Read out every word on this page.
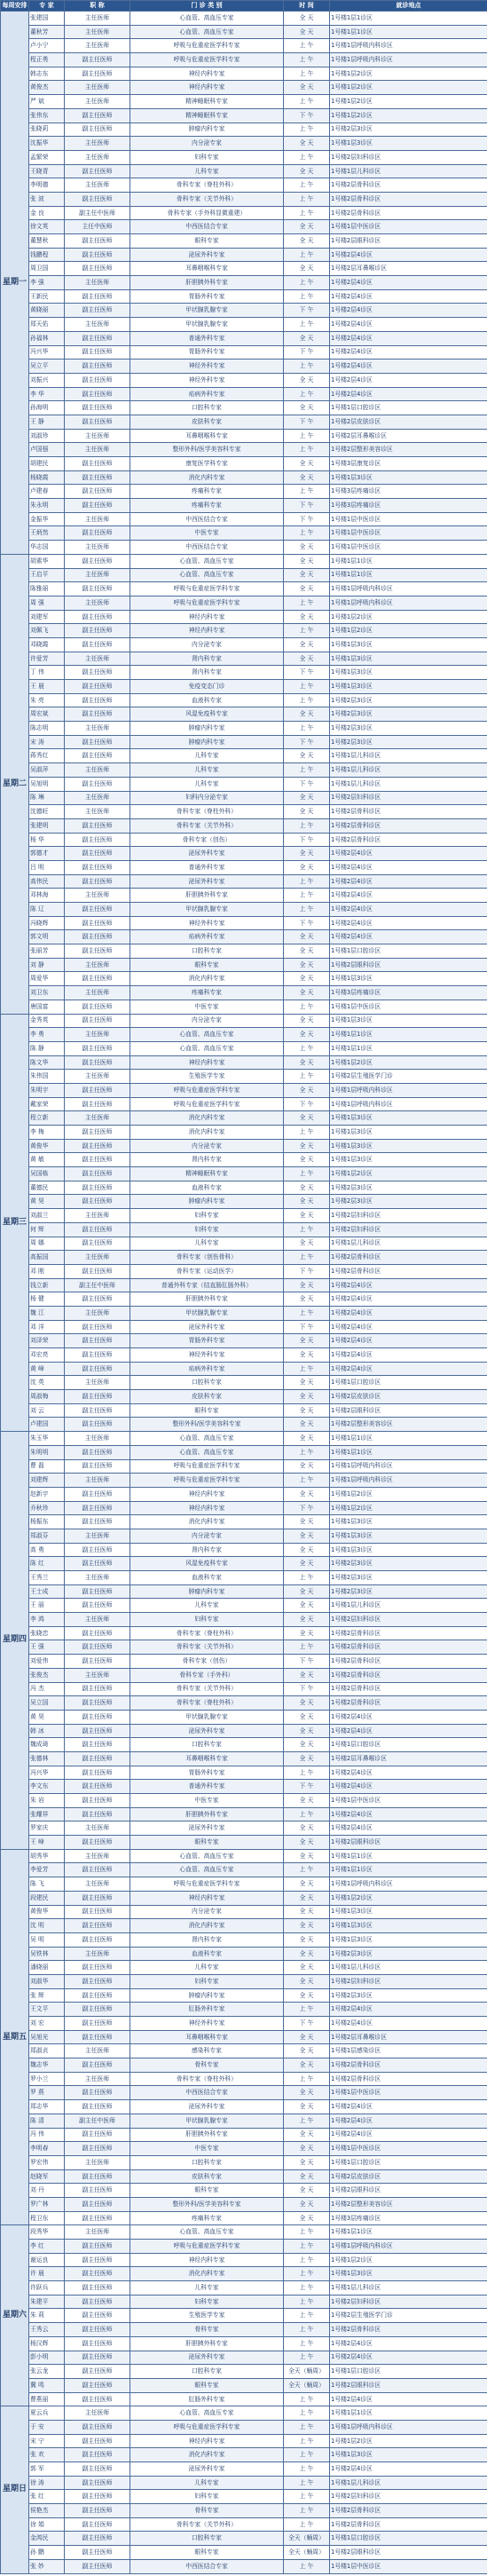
每周安排	专 家	职 称	门 诊 类 别	时 间	就诊地点
星期一	张建国	主任医师	心血管、高血压专家	全 天	1号楼1层1诊区
	董秋芳	主任医师	心血管、高血压专家	全 天	1号楼1层1诊区
	卢小宁	主任医师	呼吸与危重症医学科专家	上 午	1号楼1层呼吸内科诊区
	程正勇	副主任医师	呼吸与危重症医学科专家	上 午	1号楼1层呼吸内科诊区
	韩志东	副主任医师	神经内科专家	上 午	1号楼1层2诊区
	黄俊杰	主任医师	神经内科专家	全 天	1号楼1层2诊区
	严 斌	主任医师	精神睡眠科专家	上 午	1号楼1层2诊区
	张伟东	副主任医师	精神睡眠科专家	下 午	1号楼1层2诊区
	张晓莉	副主任医师	肿瘤内科专家	上 午	1号楼2层3诊区
	沈振华	主任医师	内分泌专家	全 天	1号楼1层3诊区
	孟繁荣	主任医师	妇科专家	上 午	1号楼2层妇科诊区
	王晓青	副主任医师	儿科专家	全 天	1号楼1层儿科诊区
	李明德	主任医师	骨科专家（脊柱外科）	上 午	1号楼2层骨科诊区
	张 波	副主任医师	骨科专家（关节外科）	上 午	1号楼2层骨科诊区
	金 良	副主任中医师	骨科专家（手外科显微重建）	上 午	1号楼2层骨科诊区
	徐文英	主任中医师	中西医结合专家	全 天	1号楼1层中医诊区
	董慧秋	副主任医师	眼科专家	全 天	1号楼2层眼科诊区
	钱鹏程	副主任医师	泌尿外科专家	上 午	1号楼2层4诊区
	周卫国	副主任医师	耳鼻咽喉科专家	全 天	1号楼2层耳鼻喉诊区
	李 强	主任医师	肝胆胰外科专家	上 午	1号楼2层4诊区
	王新民	副主任医师	胃肠外科专家	上 午	1号楼2层4诊区
	黄晓丽	副主任医师	甲状腺乳腺专家	下 午	1号楼2层4诊区
	郑天佑	主任医师	甲状腺乳腺专家	上 午	1号楼2层4诊区
	孙福林	副主任医师	普通外科专家	全 天	1号楼2层4诊区
	冯兴华	副主任医师	胃肠外科专家	下 午	1号楼2层4诊区
	吴立平	副主任医师	神经外科专家	上 午	1号楼2层4诊区
	刘振兴	副主任医师	神经外科专家	全 天	1号楼2层4诊区
	李 华	副主任医师	疝病外科专家	上 午	1号楼2层4诊区
	孙海明	副主任医师	口腔科专家	全 天	1号楼1层口腔诊区
	王 静	副主任医师	皮肤科专家	下 午	1号楼2层皮肤诊区
	刘淑珍	主任医师	耳鼻咽喉科专家	上 午	1号楼2层耳鼻喉诊区
	卢国强	主任医师	整形外科/医学美容科专家	上 午	1号楼2层整形美容诊区
	胡建民	副主任医师	康复医学科专家	全 天	1号楼3层康复诊区
	杨晓霞	副主任医师	消化内科专家	全 天	1号楼1层3诊区
	卢建春	副主任医师	疼痛科专家	上 午	1号楼3层疼痛诊区
	朱永明	副主任医师	疼痛科专家	下 午	1号楼3层疼痛诊区
	金振华	主任医师	中西医结合专家	下 午	1号楼1层中医诊区
	王炳然	副主任医师	中医专家	上 午	1号楼1层中医诊区
	华志国	主任医师	中西医结合专家	全 天	1号楼1层中医诊区
星期二	胡素华	副主任医师	心血管、高血压专家	全 天	1号楼1层1诊区
	王启平	主任医师	心血管、高血压专家	全 天	1号楼1层1诊区
	陈雅丽	副主任医师	呼吸与危重症医学科专家	全 天	1号楼1层呼吸内科诊区
	周 强	主任医师	呼吸与危重症医学科专家	上 午	1号楼1层呼吸内科诊区
	刘建军	副主任医师	神经内科专家	全 天	1号楼1层2诊区
	刘佩飞	副主任医师	神经内科专家	上 午	1号楼1层2诊区
	邓晓霞	副主任医师	内分泌专家	全 天	1号楼1层3诊区
	许爱芳	主任医师	肾内科专家	全 天	1号楼1层3诊区
	丁 伟	副主任医师	肾内科专家	下 午	1号楼1层3诊区
	王 晨	副主任医师	免疫变态门诊	上 午	1号楼1层3诊区
	朱 亮	副主任医师	血液科专家	上 午	1号楼2层3诊区
	周宏斌	副主任医师	风湿免疫科专家	全 天	1号楼2层3诊区
	陈志明	主任医师	肿瘤内科专家	上 午	1号楼2层3诊区
	宋 涛	副主任医师	肿瘤内科专家	下 午	1号楼2层3诊区
	蒋秀红	副主任医师	儿科专家	全 天	1号楼1层儿科诊区
	吴淑萍	主任医师	儿科专家	上 午	1号楼1层儿科诊区
	吴旭明	副主任医师	儿科专家	下 午	1号楼1层儿科诊区
	陈 琳	主任医师	妇科内分泌专家	全 天	1号楼2层妇科诊区
	沈德旺	主任医师	骨科专家（脊柱外科）	全 天	1号楼2层骨科诊区
	张建明	副主任医师	骨科专家（关节外科）	上 午	1号楼2层骨科诊区
	杨 华	副主任医师	骨科专家（创伤）	下 午	1号楼2层骨科诊区
	郭德才	副主任医师	泌尿外科专家	全 天	1号楼2层4诊区
	吕 明	副主任医师	普通外科专家	全 天	1号楼2层4诊区
	高伟民	副主任医师	泌尿外科专家	上 午	1号楼2层4诊区
	邓林海	主任医师	肝胆胰外科专家	上 午	1号楼2层4诊区
	陈 辽	副主任医师	甲状腺乳腺专家	上 午	1号楼2层4诊区
	冯晓辉	副主任医师	神经外科专家	下 午	1号楼2层4诊区
	郭文明	副主任医师	疝病外科专家	全 天	1号楼2层4诊区
	张丽芳	副主任医师	口腔科专家	全 天	1号楼1层口腔诊区
	刘 静	主任医师	眼科专家	全 天	1号楼2层眼科诊区
	周爱华	副主任医师	消化内科专家	全 天	1号楼1层3诊区
	刘卫东	主任医师	疼痛科专家	全 天	1号楼3层疼痛诊区
	唐国富	副主任医师	中医专家	上 午	1号楼1层中医诊区
星期三	金秀英	副主任医师	内分泌专家	全 天	1号楼1层3诊区
	李 勇	主任医师	心血管、高血压专家	全 天	1号楼1层1诊区
	陈 静	副主任医师	心血管、高血压专家	上 午	1号楼1层1诊区
	陈文华	副主任医师	神经内科专家	全 天	1号楼1层2诊区
	朱伟国	主任医师	生殖医学专家	上 午	1号楼2层生殖医学门诊
	朱明宇	副主任医师	呼吸与危重症医学科专家	全 天	1号楼1层呼吸内科诊区
	戴家荣	副主任医师	呼吸与危重症医学科专家	下 午	1号楼1层呼吸内科诊区
	程立新	主任医师	消化内科专家	全 天	1号楼1层3诊区
	李 梅	副主任医师	消化内科专家	上 午	1号楼1层3诊区
	黄俊华	副主任医师	内分泌专家	全 天	1号楼1层3诊区
	黄 敏	副主任医师	肾内科专家	全 天	1号楼1层3诊区
	吴国栋	副主任医师	精神睡眠科专家	上 午	1号楼1层2诊区
	董德民	副主任医师	血液科专家	全 天	1号楼2层3诊区
	黄 昊	副主任医师	肿瘤内科专家	全 天	1号楼2层3诊区
	刘淑兰	主任医师	妇科专家	全 天	1号楼2层妇科诊区
	何 辉	副主任医师	妇科专家	上 午	1号楼2层妇科诊区
	周 娜	副主任医师	儿科专家	全 天	1号楼1层儿科诊区
	高振国	主任医师	骨科专家（创伤骨科）	上 午	1号楼2层骨科诊区
	邓 刚	副主任医师	骨科专家（运动医学）	下 午	1号楼2层骨科诊区
	钱立新	副主任中医师	普通外科专家（结直肠肛肠外科）	全 天	1号楼2层4诊区
	杨 健	副主任医师	肝胆胰外科专家	全 天	1号楼2层4诊区
	魏 江	主任医师	甲状腺乳腺专家	上 午	1号楼2层4诊区
	邓 洋	副主任医师	泌尿外科专家	下 午	1号楼2层4诊区
	刘泽荣	副主任医师	胃肠外科专家	全 天	1号楼2层4诊区
	邓宏亮	副主任医师	神经外科专家	全 天	1号楼2层4诊区
	黄 峰	副主任医师	疝病外科专家	上 午	1号楼2层4诊区
	沈 英	主任医师	口腔科专家	全 天	1号楼1层口腔诊区
	周淑梅	副主任医师	皮肤科专家	全 天	1号楼2层皮肤诊区
	刘 云	副主任医师	眼科专家	全 天	1号楼2层眼科诊区
	卢建国	副主任医师	整形外科/医学美容科专家	全 天	1号楼2层整形美容诊区
星期四	朱玉华	主任医师	心血管、高血压专家	全 天	1号楼1层1诊区
	朱明明	副主任医师	心血管、高血压专家	上 午	1号楼1层1诊区
	曹 磊	副主任医师	呼吸与危重症医学科专家	全 天	1号楼1层呼吸内科诊区
	刘建辉	主任医师	呼吸与危重症医学科专家	上 午	1号楼1层呼吸内科诊区
	赵新宇	副主任医师	神经内科专家	全 天	1号楼1层2诊区
	乔秋珍	副主任医师	神经内科专家	下 午	1号楼1层2诊区
	杨振东	副主任医师	消化内科专家	全 天	1号楼1层3诊区
	郑淑芬	主任医师	内分泌专家	全 天	1号楼1层3诊区
	高 勇	副主任医师	肾内科专家	全 天	1号楼1层3诊区
	陈 红	副主任医师	风湿免疫科专家	全 天	1号楼2层3诊区
	王秀兰	主任医师	血液科专家	上 午	1号楼2层3诊区
	王士成	副主任医师	肿瘤内科专家	全 天	1号楼2层3诊区
	王 丽	副主任医师	儿科专家	全 天	1号楼1层儿科诊区
	李 鸿	主任医师	妇科专家	全 天	1号楼2层妇科诊区
	张晓忠	副主任医师	骨科专家（脊柱外科）	全 天	1号楼2层骨科诊区
	王 强	副主任医师	骨科专家（关节外科）	上 午	1号楼2层骨科诊区
	刘爱伟	副主任医师	骨科专家（创伤）	下 午	1号楼2层骨科诊区
	张俊杰	主任医师	骨科专家（手外科）	全 天	1号楼2层骨科诊区
	冯 杰	副主任医师	骨科专家（关节外科）	下 午	1号楼2层骨科诊区
	吴立国	副主任医师	骨科专家（脊柱外科）	全 天	1号楼2层骨科诊区
	黄 昊	副主任医师	甲状腺乳腺专家	全 天	1号楼2层4诊区
	韩 冰	副主任医师	泌尿外科专家	全 天	1号楼2层4诊区
	魏成琦	副主任医师	口腔科专家	全 天	1号楼1层口腔诊区
	张德林	副主任医师	耳鼻咽喉科专家	全 天	1号楼2层耳鼻喉诊区
	冯兴华	副主任医师	胃肠外科专家	上 午	1号楼2层4诊区
	李文东	副主任医师	普通外科专家	下 午	1号楼2层4诊区
	朱 岩	副主任医师	中医专家	全 天	1号楼1层中医诊区
	张耀祥	副主任医师	肝胆胰外科专家	上 午	1号楼2层4诊区
	罗家庆	主任医师	泌尿外科专家	全 天	1号楼2层4诊区
	王 峰	副主任医师	眼科专家	全 天	1号楼2层眼科诊区
星期五	胡秀华	主任医师	心血管、高血压专家	全 天	1号楼1层1诊区
	李爱芳	副主任医师	心血管、高血压专家	上 午	1号楼1层1诊区
	陈 飞	主任医师	呼吸与危重症医学科专家	全 天	1号楼1层呼吸内科诊区
	段建民	副主任医师	神经内科专家	全 天	1号楼1层2诊区
	黄俊华	副主任医师	内分泌专家	全 天	1号楼1层3诊区
	沈 明	副主任医师	消化内科专家	全 天	1号楼1层3诊区
	吴 明	副主任医师	肾内科专家	全 天	1号楼1层3诊区
	吴铁林	主任医师	血液科专家	全 天	1号楼2层3诊区
	潘晓丽	副主任医师	儿科专家	全 天	1号楼1层儿科诊区
	刘淑华	副主任医师	妇科专家	全 天	1号楼2层妇科诊区
	张 辉	副主任医师	肿瘤内科专家	全 天	1号楼2层3诊区
	王文平	副主任医师	肛肠外科专家	上 午	1号楼2层4诊区
	刘 宏	副主任医师	神经外科专家	下 午	1号楼2层4诊区
	吴旭光	副主任医师	耳鼻咽喉科专家	全 天	1号楼2层耳鼻喉诊区
	郑淑贞	主任医师	感染科专家	全 天	1号楼1层感染诊区
	魏志华	副主任医师	骨科专家	全 天	1号楼2层骨科诊区
	罗小兰	主任医师	骨科专家（脊柱外科）	上 午	1号楼2层骨科诊区
	罗 燕	副主任医师	中西医结合专家	全 天	1号楼1层中医诊区
	郑志华	副主任医师	泌尿外科专家	全 天	1号楼2层4诊区
	陈 清	副主任中医师	甲状腺乳腺专家	上 午	1号楼2层4诊区
	冯 伟	副主任医师	肝胆胰外科专家	全 天	1号楼2层4诊区
	李明春	副主任医师	中医专家	全 天	1号楼1层中医诊区
	罗宏伟	主任医师	口腔科专家	全 天	1号楼1层口腔诊区
	赵晓军	副主任医师	皮肤科专家	全 天	1号楼2层皮肤诊区
	刘 丹	副主任医师	眼科专家	全 天	1号楼2层眼科诊区
	罗广林	副主任医师	整形外科/医学美容科专家	全 天	1号楼2层整形美容诊区
	程卫东	副主任医师	疼痛科专家	全 天	1号楼3层疼痛诊区
星期六	段秀华	主任医师	心血管、高血压专家	上 午	1号楼1层1诊区
	李 红	副主任医师	呼吸与危重症医学科专家	上 午	1号楼1层呼吸内科诊区
	谢运良	副主任医师	神经内科专家	上 午	1号楼1层2诊区
	许 晨	副主任医师	消化内科专家	上 午	1号楼1层3诊区
	许跃兵	副主任医师	儿科专家	上 午	1号楼1层儿科诊区
	朱建平	副主任医师	妇科专家	上 午	1号楼2层妇科诊区
	朱 莉	副主任医师	生殖医学专家	上 午	1号楼2层生殖医学门诊
	王秀云	副主任医师	骨科专家	上 午	1号楼2层骨科诊区
	杨汉辉	副主任医师	肝胆胰外科专家	上 午	1号楼2层4诊区
	彭小明	副主任医师	泌尿外科专家	上 午	1号楼2层4诊区
	张云龙	副主任医师	口腔科专家	全天（蛹周）	1号楼1层口腔诊区
	冀 鸣	副主任医师	眼科专家	全天（蛹周）	1号楼2层眼科诊区
	曹燕丽	副主任医师	肛肠外科专家	上 午	1号楼2层4诊区
星期日	夏云兵	主任医师	心血管、高血压专家	上 午	1号楼1层1诊区
	于 安	副主任医师	呼吸与危重症医学科专家	上 午	1号楼1层呼吸内科诊区
	宋 宁	副主任医师	神经内科专家	上 午	1号楼1层2诊区
	张 欢	副主任医师	消化内科专家	上 午	1号楼1层3诊区
	郭 军	副主任医师	泌尿外科专家	上 午	1号楼2层4诊区
	徐 涛	副主任医师	儿科专家	上 午	1号楼1层儿科诊区
	张 红	副主任医师	妇科专家	上 午	1号楼2层妇科诊区
	侯艳杰	副主任医师	骨科专家	上 午	1号楼2层骨科诊区
	徐 娟	副主任医师	骨科专家（关节外科）	上 午	1号楼2层骨科诊区
	金鸿民	副主任医师	口腔科专家	全天（蛹周）	1号楼1层口腔诊区
	孙 鹏	副主任医师	眼科专家	全天（蛹周）	1号楼2层眼科诊区
	张 妙	副主任医师	中西医结合专家	上 午	1号楼1层中医诊区
